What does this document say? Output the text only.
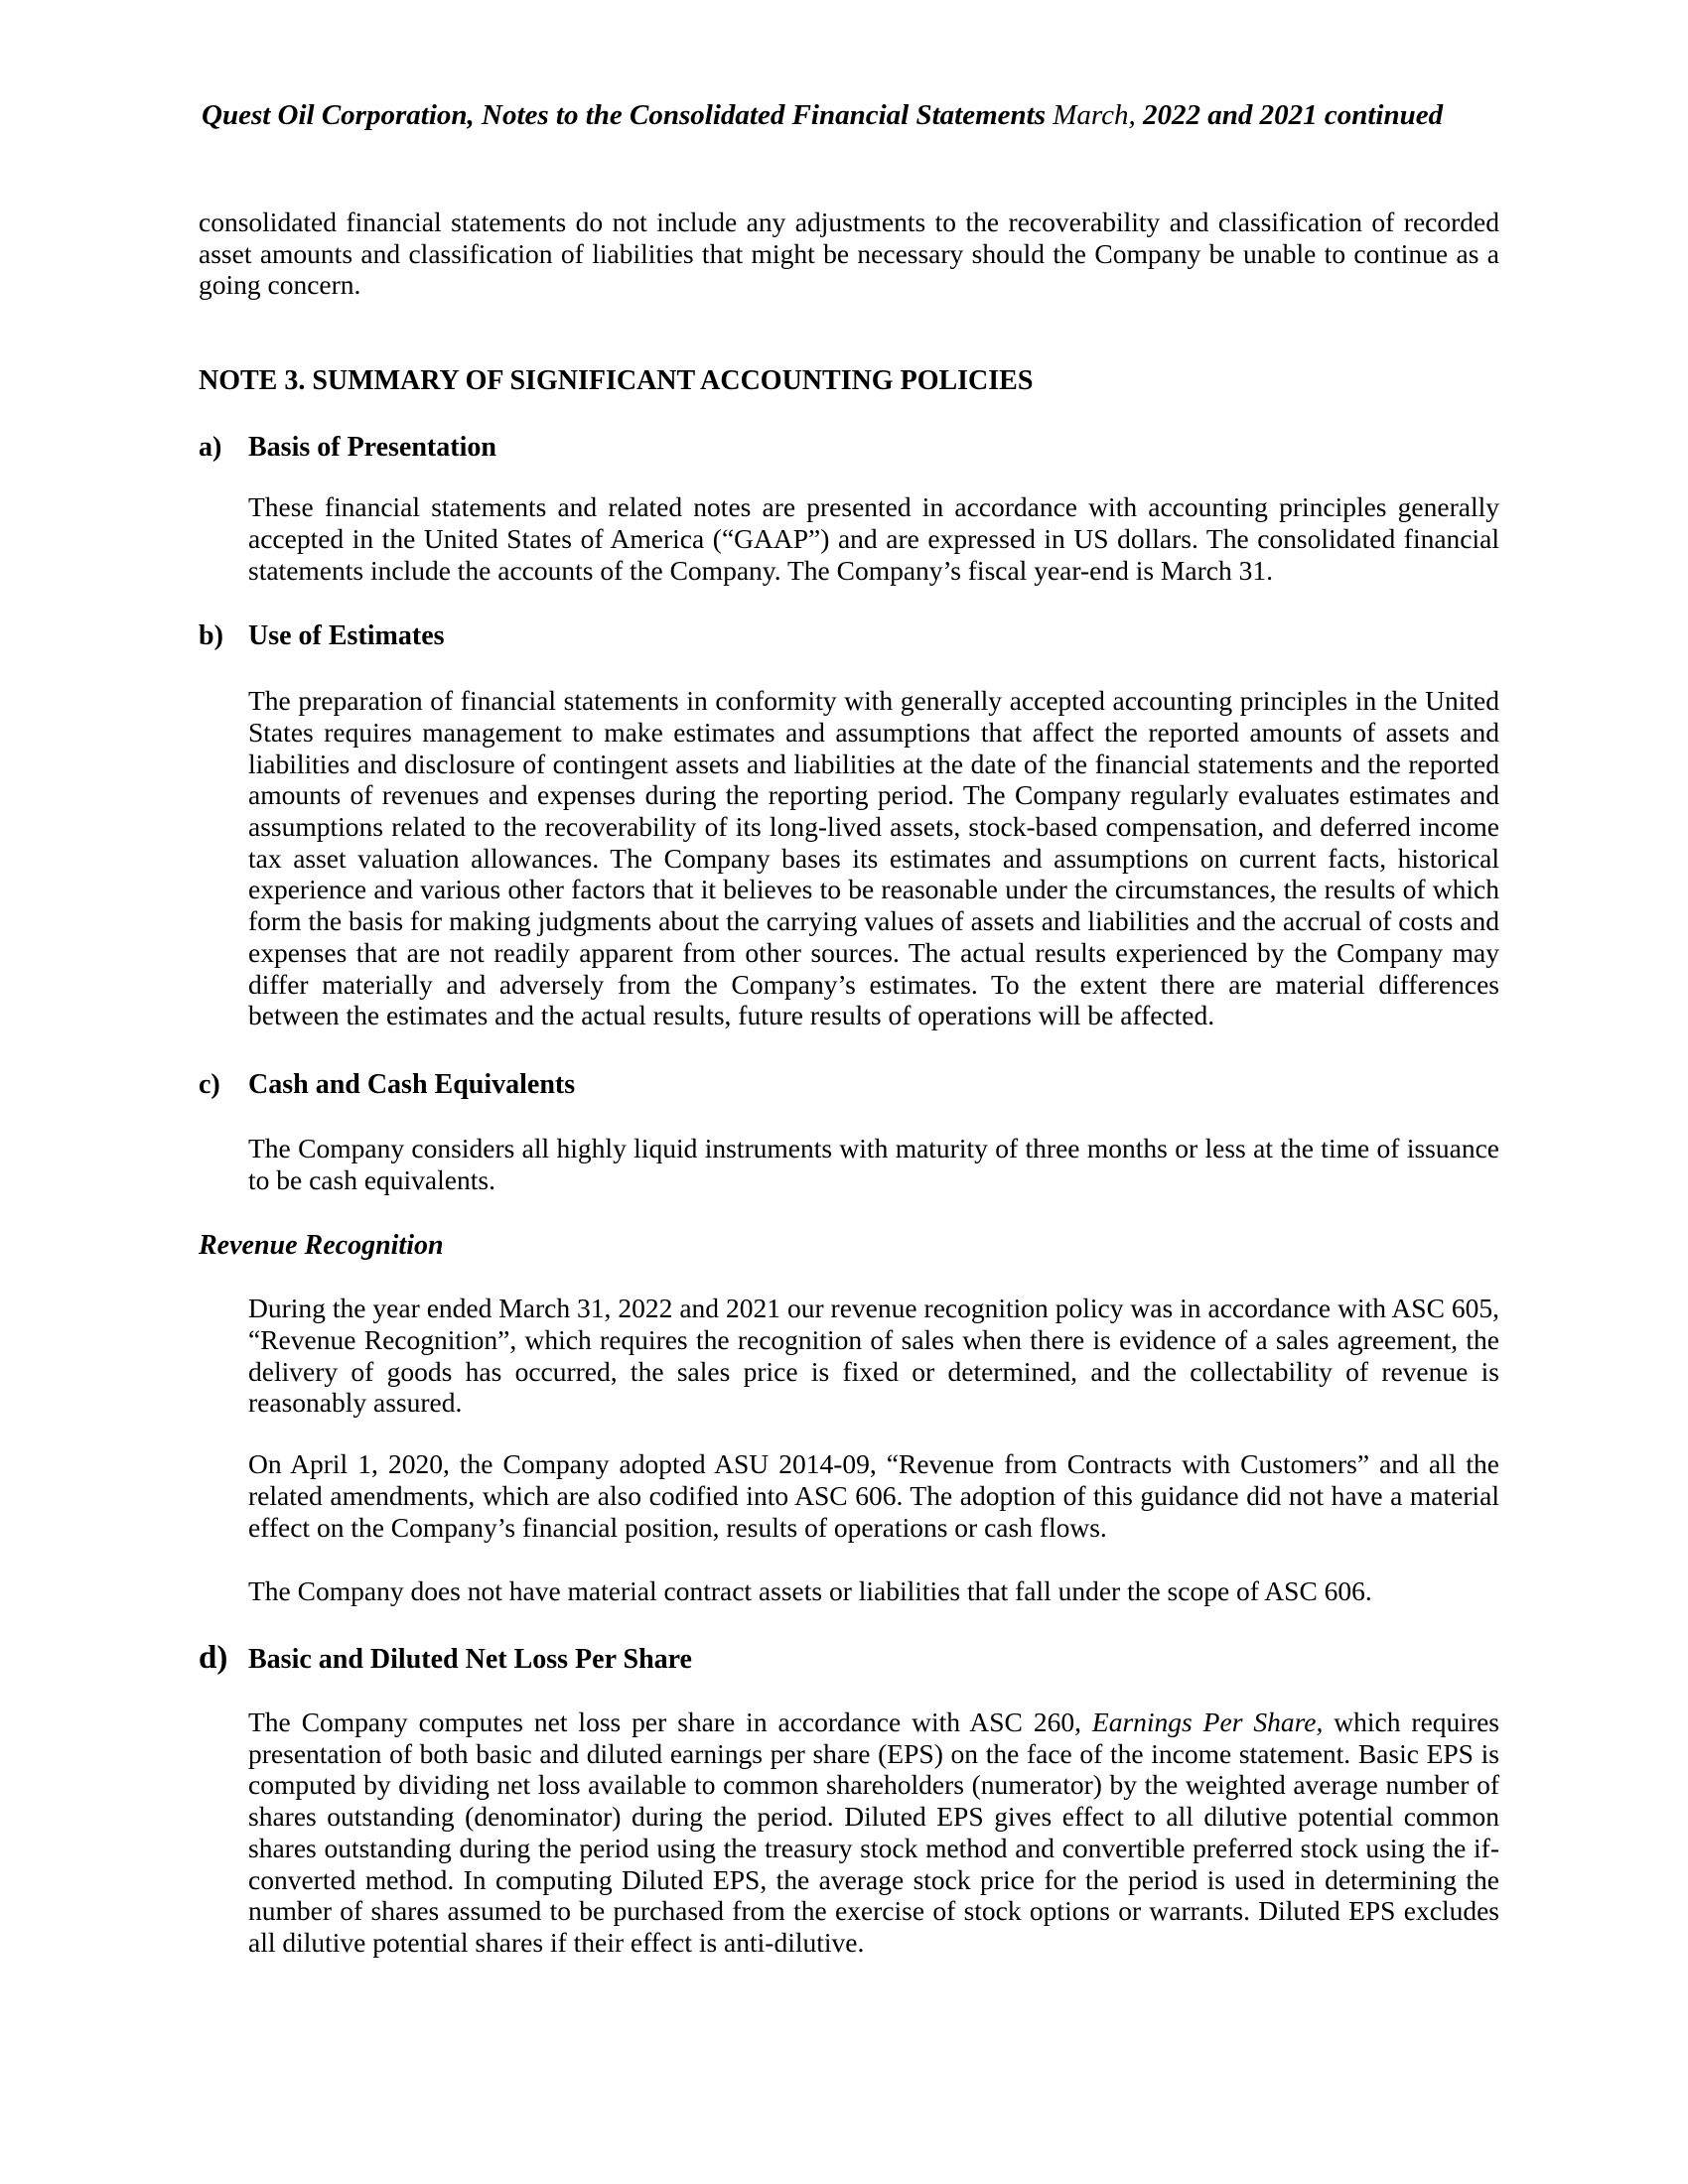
Quest Oil Corporation, Notes to the Consolidated Financial Statements March, 2022 and 2021 continued

consolidated financial statements do not include any adjustments to the recoverability and classification of recorded asset amounts and classification of liabilities that might be necessary should the Company be unable to continue as a going concern.

NOTE 3. SUMMARY OF SIGNIFICANT ACCOUNTING POLICIES
a) Basis of Presentation

These financial statements and related notes are presented in accordance with accounting principles generally accepted in the United States of America (“GAAP”) and are expressed in US dollars. The consolidated financial statements include the accounts of the Company. The Company’s fiscal year-end is March 31.

b) Use of Estimates

The preparation of financial statements in conformity with generally accepted accounting principles in the United States requires management to make estimates and assumptions that affect the reported amounts of assets and liabilities and disclosure of contingent assets and liabilities at the date of the financial statements and the reported amounts of revenues and expenses during the reporting period. The Company regularly evaluates estimates and assumptions related to the recoverability of its long-lived assets, stock-based compensation, and deferred income tax asset valuation allowances. The Company bases its estimates and assumptions on current facts, historical experience and various other factors that it believes to be reasonable under the circumstances, the results of which form the basis for making judgments about the carrying values of assets and liabilities and the accrual of costs and expenses that are not readily apparent from other sources. The actual results experienced by the Company may differ materially and adversely from the Company’s estimates. To the extent there are material differences between the estimates and the actual results, future results of operations will be affected.

c) Cash and Cash Equivalents

The Company considers all highly liquid instruments with maturity of three months or less at the time of issuance to be cash equivalents.

Revenue Recognition

During the year ended March 31, 2022 and 2021 our revenue recognition policy was in accordance with ASC 605, “Revenue Recognition”, which requires the recognition of sales when there is evidence of a sales agreement, the delivery of goods has occurred, the sales price is fixed or determined, and the collectability of revenue is reasonably assured.

On April 1, 2020, the Company adopted ASU 2014-09, “Revenue from Contracts with Customers” and all the related amendments, which are also codified into ASC 606. The adoption of this guidance did not have a material effect on the Company’s financial position, results of operations or cash flows.

The Company does not have material contract assets or liabilities that fall under the scope of ASC 606.

d) Basic and Diluted Net Loss Per Share

The Company computes net loss per share in accordance with ASC 260, Earnings Per Share, which requires presentation of both basic and diluted earnings per share (EPS) on the face of the income statement. Basic EPS is computed by dividing net loss available to common shareholders (numerator) by the weighted average number of shares outstanding (denominator) during the period. Diluted EPS gives effect to all dilutive potential common shares outstanding during the period using the treasury stock method and convertible preferred stock using the if-converted method. In computing Diluted EPS, the average stock price for the period is used in determining the number of shares assumed to be purchased from the exercise of stock options or warrants. Diluted EPS excludes all dilutive potential shares if their effect is anti-dilutive.
